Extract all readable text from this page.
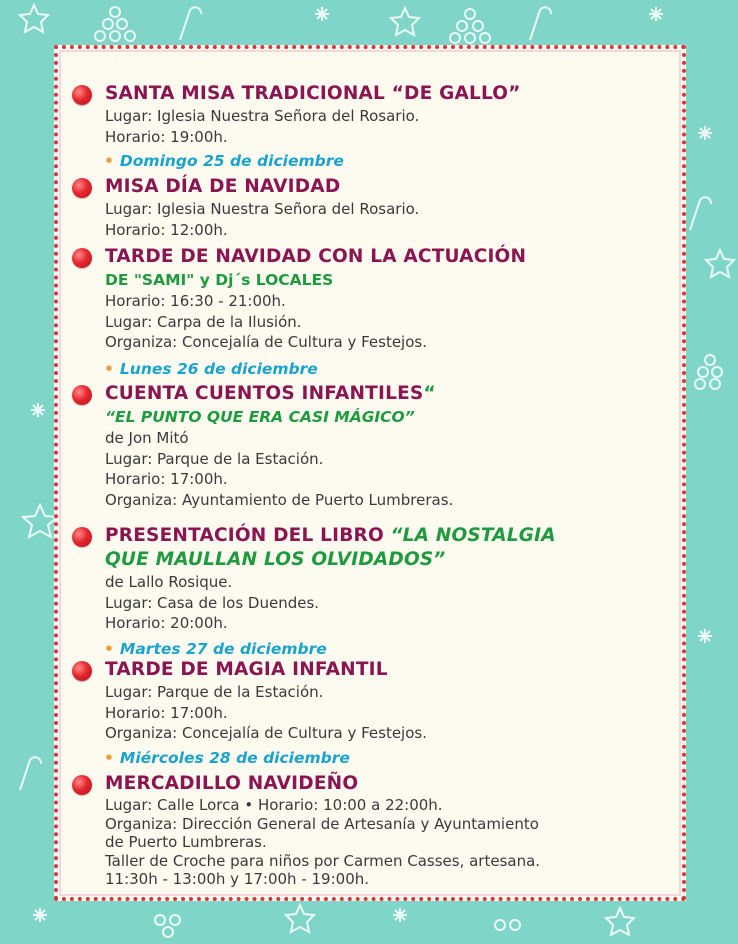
SANTA MISA TRADICIONAL “DE GALLO”
Lugar: Iglesia Nuestra Señora del Rosario.
Horario: 19:00h.
• Domingo 25 de diciembre
MISA DÍA DE NAVIDAD
Lugar: Iglesia Nuestra Señora del Rosario.
Horario: 12:00h.
TARDE DE NAVIDAD CON LA ACTUACIÓN
DE "SAMI" y Dj´s LOCALES
Horario: 16:30 - 21:00h.
Lugar: Carpa de la Ilusión.
Organiza: Concejalía de Cultura y Festejos.
• Lunes 26 de diciembre
CUENTA CUENTOS INFANTILES“
“EL PUNTO QUE ERA CASI MÁGICO”
de Jon Mitó
Lugar: Parque de la Estación.
Horario: 17:00h.
Organiza: Ayuntamiento de Puerto Lumbreras.
PRESENTACIÓN DEL LIBRO “LA NOSTALGIA
QUE MAULLAN LOS OLVIDADOS”
de Lallo Rosique.
Lugar: Casa de los Duendes.
Horario: 20:00h.
• Martes 27 de diciembre
TARDE DE MAGIA INFANTIL
Lugar: Parque de la Estación.
Horario: 17:00h.
Organiza: Concejalía de Cultura y Festejos.
• Miércoles 28 de diciembre
MERCADILLO NAVIDEÑO
Lugar: Calle Lorca • Horario: 10:00 a 22:00h.
Organiza: Dirección General de Artesanía y Ayuntamiento
de Puerto Lumbreras.
Taller de Croche para niños por Carmen Casses, artesana.
11:30h - 13:00h y 17:00h - 19:00h.
